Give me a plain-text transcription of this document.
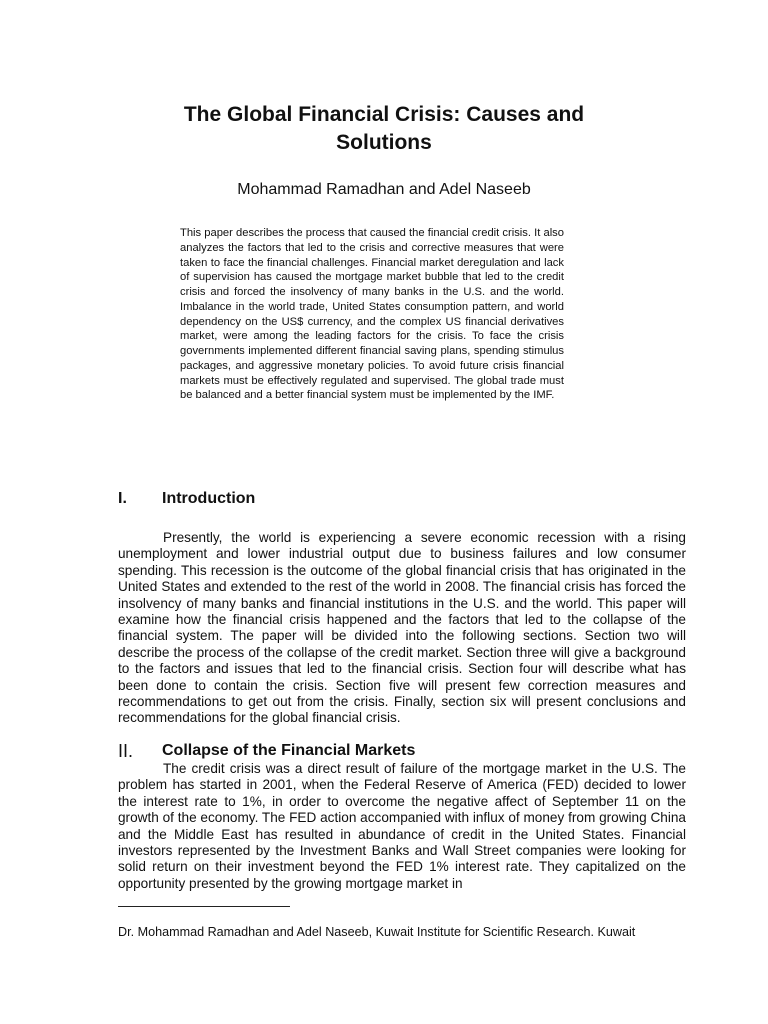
The Global Financial Crisis: Causes and Solutions

Mohammad Ramadhan and Adel Naseeb

This paper describes the process that caused the financial credit crisis. It also analyzes the factors that led to the crisis and corrective measures that were taken to face the financial challenges. Financial market deregulation and lack of supervision has caused the mortgage market bubble that led to the credit crisis and forced the insolvency of many banks in the U.S. and the world. Imbalance in the world trade, United States consumption pattern, and world dependency on the US$ currency, and the complex US financial derivatives market, were among the leading factors for the crisis. To face the crisis governments implemented different financial saving plans, spending stimulus packages, and aggressive monetary policies. To avoid future crisis financial markets must be effectively regulated and supervised. The global trade must be balanced and a better financial system must be implemented by the IMF.

I. Introduction

Presently, the world is experiencing a severe economic recession with a rising unemployment and lower industrial output due to business failures and low consumer spending. This recession is the outcome of the global financial crisis that has originated in the United States and extended to the rest of the world in 2008. The financial crisis has forced the insolvency of many banks and financial institutions in the U.S. and the world. This paper will examine how the financial crisis happened and the factors that led to the collapse of the financial system. The paper will be divided into the following sections. Section two will describe the process of the collapse of the credit market. Section three will give a background to the factors and issues that led to the financial crisis. Section four will describe what has been done to contain the crisis. Section five will present few correction measures and recommendations to get out from the crisis. Finally, section six will present conclusions and recommendations for the global financial crisis.

II. Collapse of the Financial Markets

The credit crisis was a direct result of failure of the mortgage market in the U.S. The problem has started in 2001, when the Federal Reserve of America (FED) decided to lower the interest rate to 1%, in order to overcome the negative affect of September 11 on the growth of the economy. The FED action accompanied with influx of money from growing China and the Middle East has resulted in abundance of credit in the United States. Financial investors represented by the Investment Banks and Wall Street companies were looking for solid return on their investment beyond the FED 1% interest rate. They capitalized on the opportunity presented by the growing mortgage market in

Dr. Mohammad Ramadhan and Adel Naseeb, Kuwait Institute for Scientific Research. Kuwait
